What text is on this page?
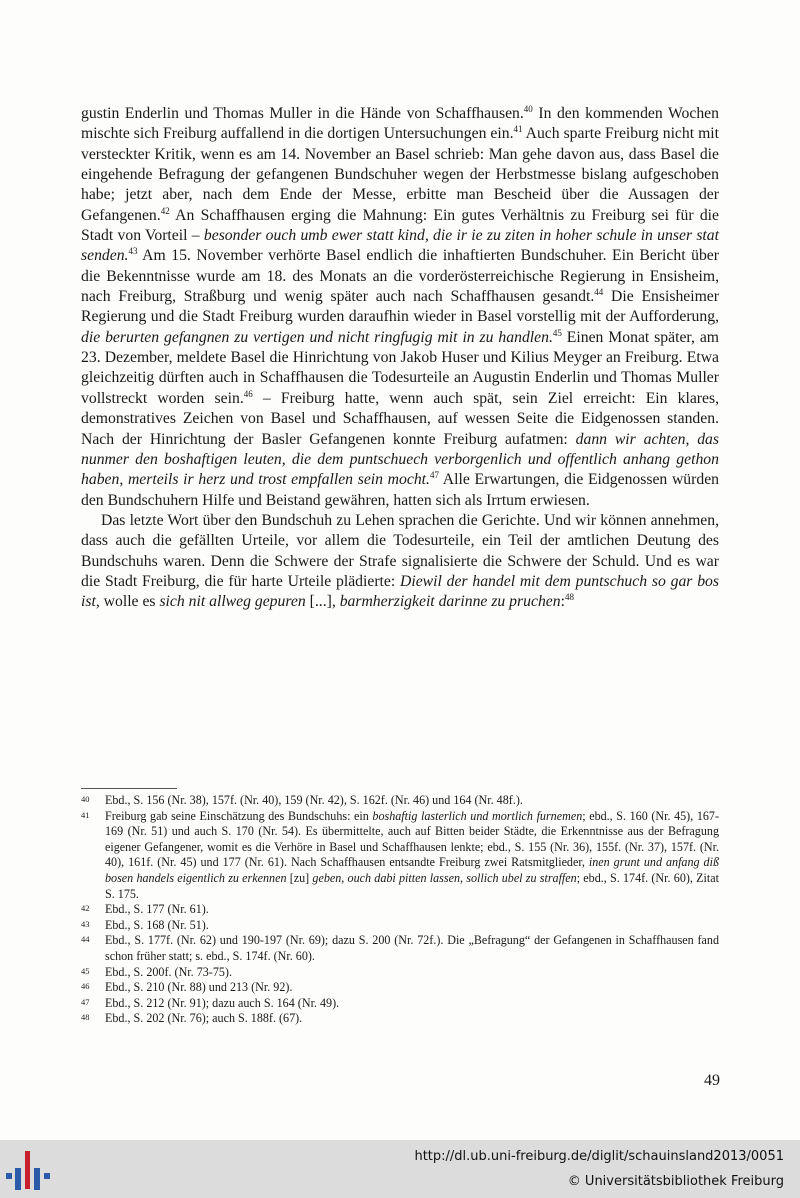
gustin Enderlin und Thomas Muller in die Hände von Schaffhausen.$^{40}$ In den kommenden Wochen mischte sich Freiburg auffallend in die dortigen Untersuchungen ein.$^{41}$ Auch sparte Freiburg nicht mit versteckter Kritik, wenn es am 14. November an Basel schrieb: Man gehe davon aus, dass Basel die eingehende Befragung der gefangenen Bundschuher wegen der Herbstmesse bislang aufgeschoben habe; jetzt aber, nach dem Ende der Messe, erbitte man Bescheid über die Aussagen der Gefangenen.$^{42}$ An Schaffhausen erging die Mahnung: Ein gutes Verhältnis zu Freiburg sei für die Stadt von Vorteil – besonder ouch umb ewer statt kind, die ir ie zu ziten in hoher schule in unser stat senden.$^{43}$ Am 15. November verhörte Basel endlich die inhaftierten Bundschuher. Ein Bericht über die Bekenntnisse wurde am 18. des Monats an die vorderösterreichische Regierung in Ensisheim, nach Freiburg, Straßburg und wenig später auch nach Schaffhausen gesandt.$^{44}$ Die Ensisheimer Regierung und die Stadt Freiburg wurden daraufhin wieder in Basel vorstellig mit der Aufforderung, die berurten gefangnen zu vertigen und nicht ringfugig mit in zu handlen.$^{45}$ Einen Monat später, am 23. Dezember, meldete Basel die Hinrichtung von Jakob Huser und Kilius Meyger an Freiburg. Etwa gleichzeitig dürften auch in Schaffhausen die Todesurteile an Augustin Enderlin und Thomas Muller vollstreckt worden sein.$^{46}$ – Freiburg hatte, wenn auch spät, sein Ziel erreicht: Ein klares, demonstratives Zeichen von Basel und Schaffhausen, auf wessen Seite die Eidgenossen standen. Nach der Hinrichtung der Basler Gefangenen konnte Freiburg aufatmen: dann wir achten, das nunmer den boshaftigen leuten, die dem puntschuech verborgenlich und offentlich anhang gethon haben, merteils ir herz und trost empfallen sein mocht.$^{47}$ Alle Erwartungen, die Eidgenossen würden den Bundschuhern Hilfe und Beistand gewähren, hatten sich als Irrtum erwiesen.

Das letzte Wort über den Bundschuh zu Lehen sprachen die Gerichte. Und wir können annehmen, dass auch die gefällten Urteile, vor allem die Todesurteile, ein Teil der amtlichen Deutung des Bundschuhs waren. Denn die Schwere der Strafe signalisierte die Schwere der Schuld. Und es war die Stadt Freiburg, die für harte Urteile plädierte: Diewil der handel mit dem puntschuch so gar bos ist, wolle es sich nit allweg gepuren [...], barmherzigkeit darinne zu pruchen:$^{48}$

40	Ebd., S. 156 (Nr. 38), 157f. (Nr. 40), 159 (Nr. 42), S. 162f. (Nr. 46) und 164 (Nr. 48f.).
41	Freiburg gab seine Einschätzung des Bundschuhs: ein boshaftig lasterlich und mortlich furnemen; ebd., S. 160 (Nr. 45), 167-169 (Nr. 51) und auch S. 170 (Nr. 54). Es übermittelte, auch auf Bitten beider Städte, die Erkenntnisse aus der Befragung eigener Gefangener, womit es die Verhöre in Basel und Schaffhausen lenkte; ebd., S. 155 (Nr. 36), 155f. (Nr. 37), 157f. (Nr. 40), 161f. (Nr. 45) und 177 (Nr. 61). Nach Schaffhausen entsandte Freiburg zwei Ratsmitglieder, inen grunt und anfang diß bosen handels eigentlich zu erkennen [zu] geben, ouch dabi pitten lassen, sollich ubel zu straffen; ebd., S. 174f. (Nr. 60), Zitat S. 175.
42	Ebd., S. 177 (Nr. 61).
43	Ebd., S. 168 (Nr. 51).
44	Ebd., S. 177f. (Nr. 62) und 190-197 (Nr. 69); dazu S. 200 (Nr. 72f.). Die „Befragung“ der Gefangenen in Schaffhausen fand schon früher statt; s. ebd., S. 174f. (Nr. 60).
45	Ebd., S. 200f. (Nr. 73-75).
46	Ebd., S. 210 (Nr. 88) und 213 (Nr. 92).
47	Ebd., S. 212 (Nr. 91); dazu auch S. 164 (Nr. 49).
48	Ebd., S. 202 (Nr. 76); auch S. 188f. (67).
49
http://dl.ub.uni-freiburg.de/diglit/schauinsland2013/0051
© Universitätsbibliothek Freiburg
